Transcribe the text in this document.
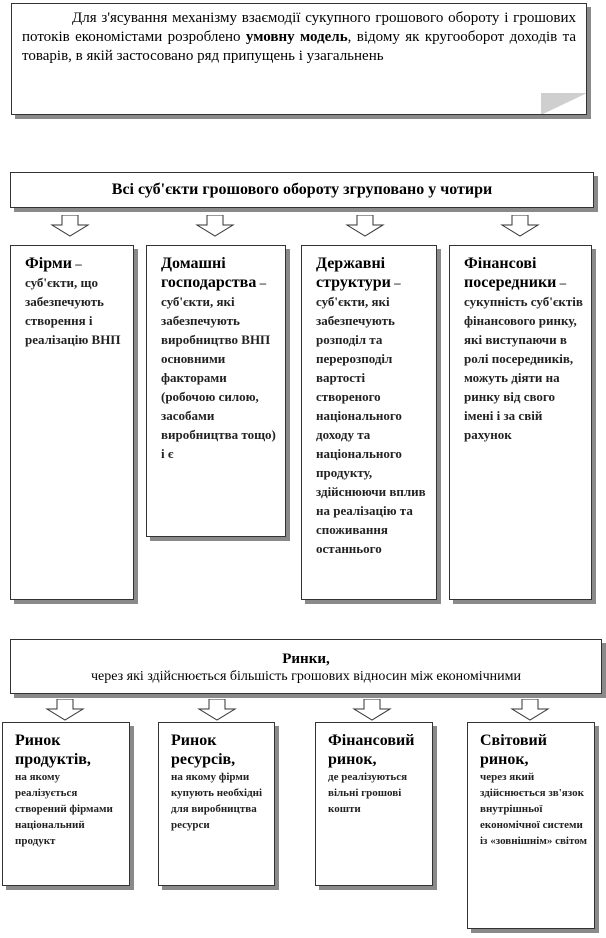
Для з'ясування механізму взаємодії сукупного грошового обороту і грошових потоків економістами розроблено умовну модель, відому як кругооборот доходів та товарів, в якій застосовано ряд припущень і узагальнень
Всі суб'єкти грошового обороту згруповано у чотири
Фірми – суб'єкти, що забезпечують створення і реалізацію ВНП
Домашні господарства – суб'єкти, які забезпечують виробництво ВНП основними факторами (робочою силою, засобами виробництва тощо) і є
Державні структури – суб'єкти, які забезпечують розподіл та перерозподіл вартості створеного національного доходу та національного продукту, здійснюючи вплив на реалізацію та споживання останнього
Фінансові посередники – сукупність суб'єктів фінансового ринку, які виступаючи в ролі посередників, можуть діяти на ринку від свого імені і за свій рахунок
Ринки,
через які здійснюється більшість грошових відносин між економічними
Ринок продуктів,
на якому реалізується створений фірмами національний продукт
Ринок ресурсів,
на якому фірми купують необхідні для виробництва ресурси
Фінансовий ринок,
де реалізуються вільні грошові кошти
Світовий ринок,
через який здійснюється зв'язок внутрішньої економічної системи із «зовнішнім» світом
